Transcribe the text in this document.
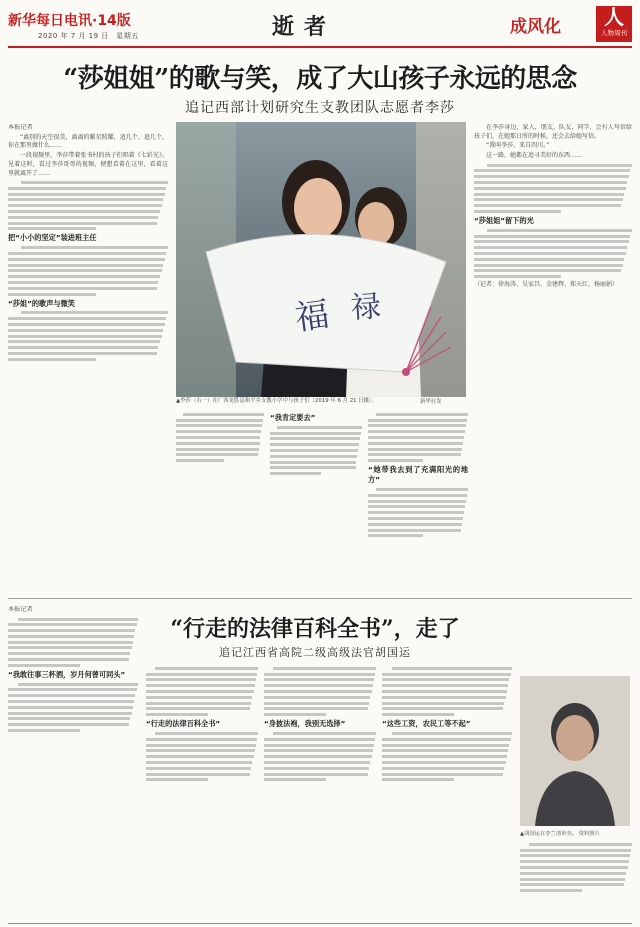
新华每日电讯·14版
2020 年 7 月 19 日　星期五	逝者	成风化	人
人物周刊
“莎姐姐”的歌与笑，成了大山孩子永远的思念
追记西部计划研究生支教团队志愿者李莎

本报记者

“离别的天空很美，离离的繁星照耀，追几个、追几个，你在那里做什么……

一段视频里，李莎带着张书村的孩子们唱着《七彩光》。见着这时，看过李莎哥哥的视频，便想看着在这里，看着这里就离开了……

把“小小的坚定”装进班主任

“莎姐”的歌声与微笑	福 禄
▲李莎（右一）在广西龙胜县和平乡支教小学中与孩子们（2019 年 6 月 21 日摄）。	新华社发

“我肯定要去”

“她带我去到了充满阳光的地方”

在李莎身边，家人，朋友，队友，同学，会有人写信给孩子们，在她那日所的时候，还会去给她写信。

“我叫李莎，来自四川。”

这一路，她都在追寻美好的东西……

“莎姐姐”留下的光

（记者：徐海涛、吴家昌、金建辉、郑天红、杨丽娟）

“行走的法律百科全书”，走了
追记江西省高院二级高级法官胡国运

本报记者

“我敢往事三杯酒，岁月何曾可同头”

“行走的法律百科全书”	“身披法袍，我别无选择”	“这些工资，农民工等不起”

▲胡国运在李兰清单旁。 资料照片
